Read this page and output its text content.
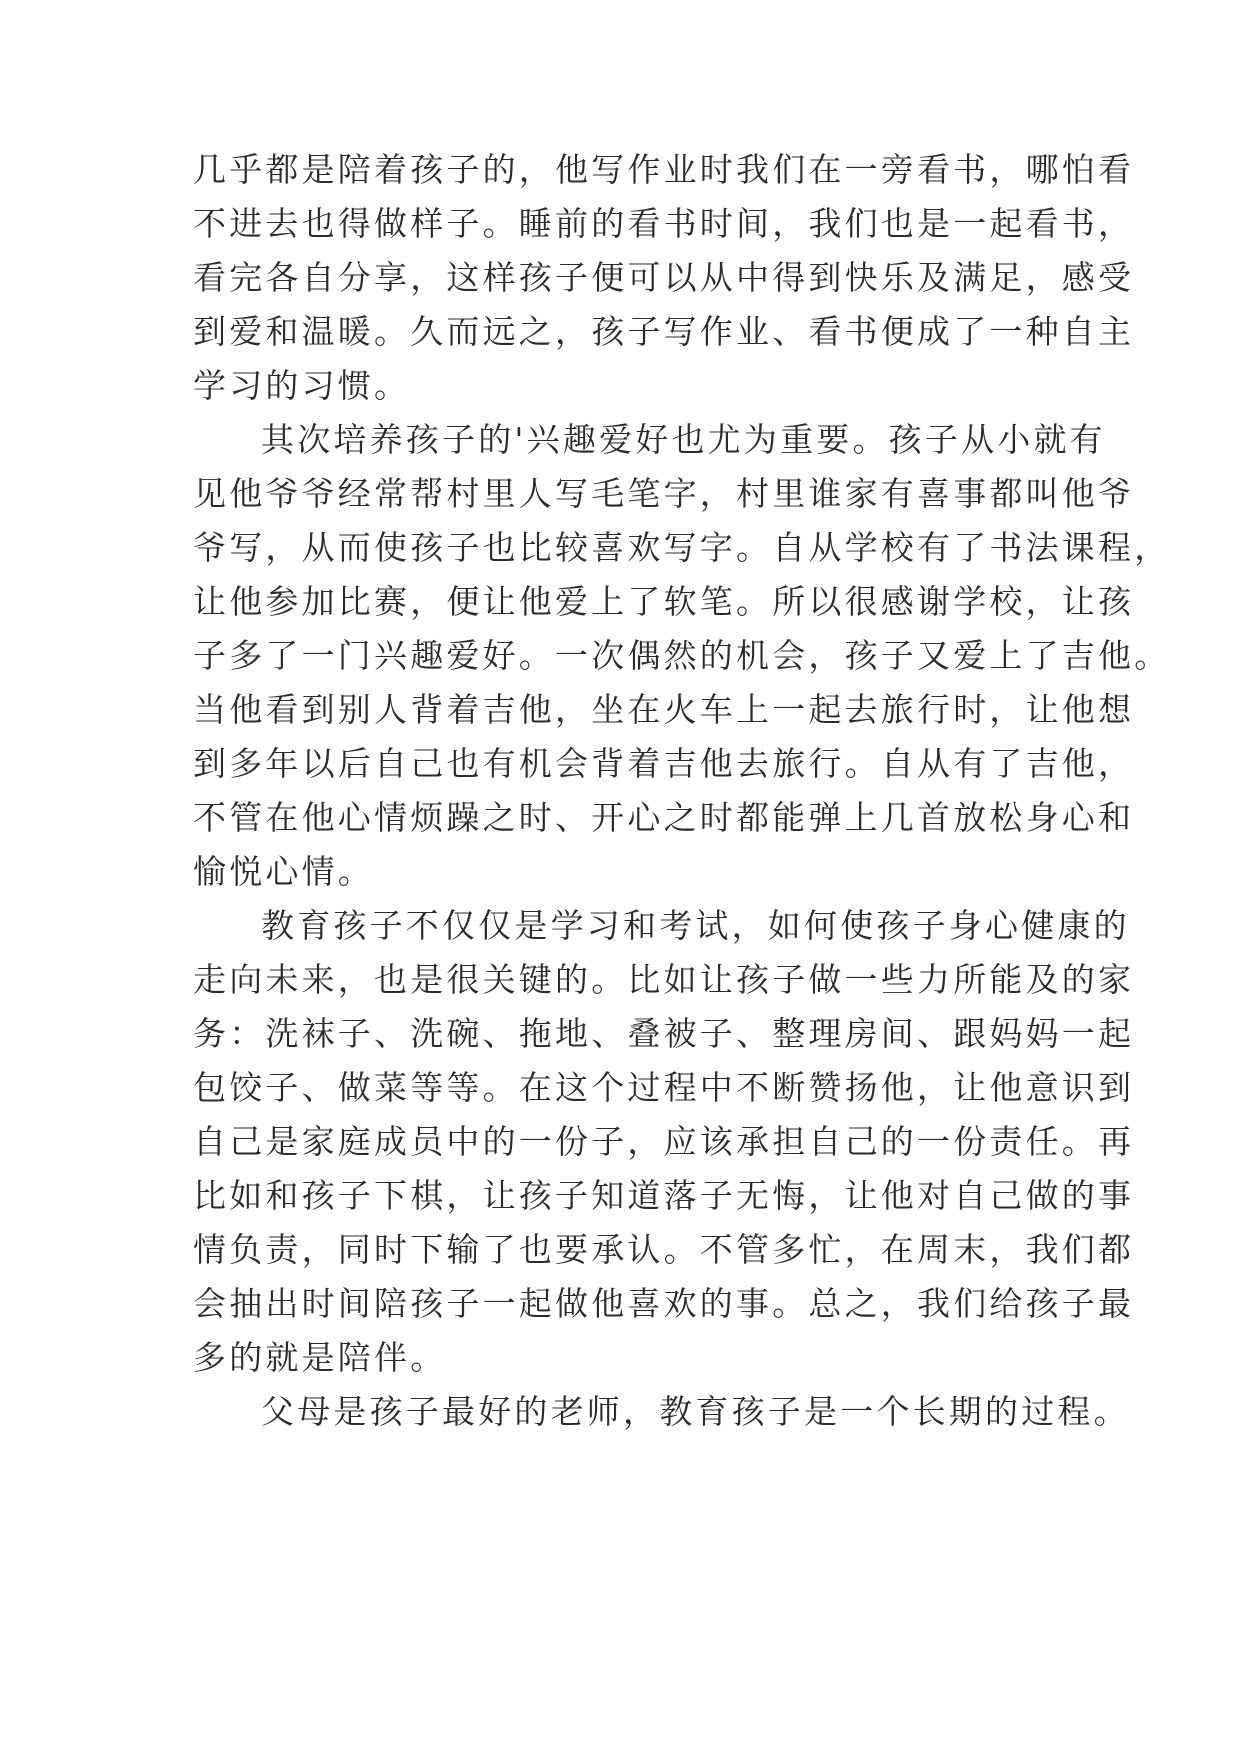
几乎都是陪着孩子的，他写作业时我们在一旁看书，哪怕看
不进去也得做样子。睡前的看书时间，我们也是一起看书，
看完各自分享，这样孩子便可以从中得到快乐及满足，感受
到爱和温暖。久而远之，孩子写作业、看书便成了一种自主
学习的习惯。
其次培养孩子的'兴趣爱好也尤为重要。孩子从小就有
见他爷爷经常帮村里人写毛笔字，村里谁家有喜事都叫他爷
爷写，从而使孩子也比较喜欢写字。自从学校有了书法课程，
让他参加比赛，便让他爱上了软笔。所以很感谢学校，让孩
子多了一门兴趣爱好。一次偶然的机会，孩子又爱上了吉他。
当他看到别人背着吉他，坐在火车上一起去旅行时，让他想
到多年以后自己也有机会背着吉他去旅行。自从有了吉他，
不管在他心情烦躁之时、开心之时都能弹上几首放松身心和
愉悦心情。
教育孩子不仅仅是学习和考试，如何使孩子身心健康的
走向未来，也是很关键的。比如让孩子做一些力所能及的家
务：洗袜子、洗碗、拖地、叠被子、整理房间、跟妈妈一起
包饺子、做菜等等。在这个过程中不断赞扬他，让他意识到
自己是家庭成员中的一份子，应该承担自己的一份责任。再
比如和孩子下棋，让孩子知道落子无悔，让他对自己做的事
情负责，同时下输了也要承认。不管多忙，在周末，我们都
会抽出时间陪孩子一起做他喜欢的事。总之，我们给孩子最
多的就是陪伴。
父母是孩子最好的老师，教育孩子是一个长期的过程。
